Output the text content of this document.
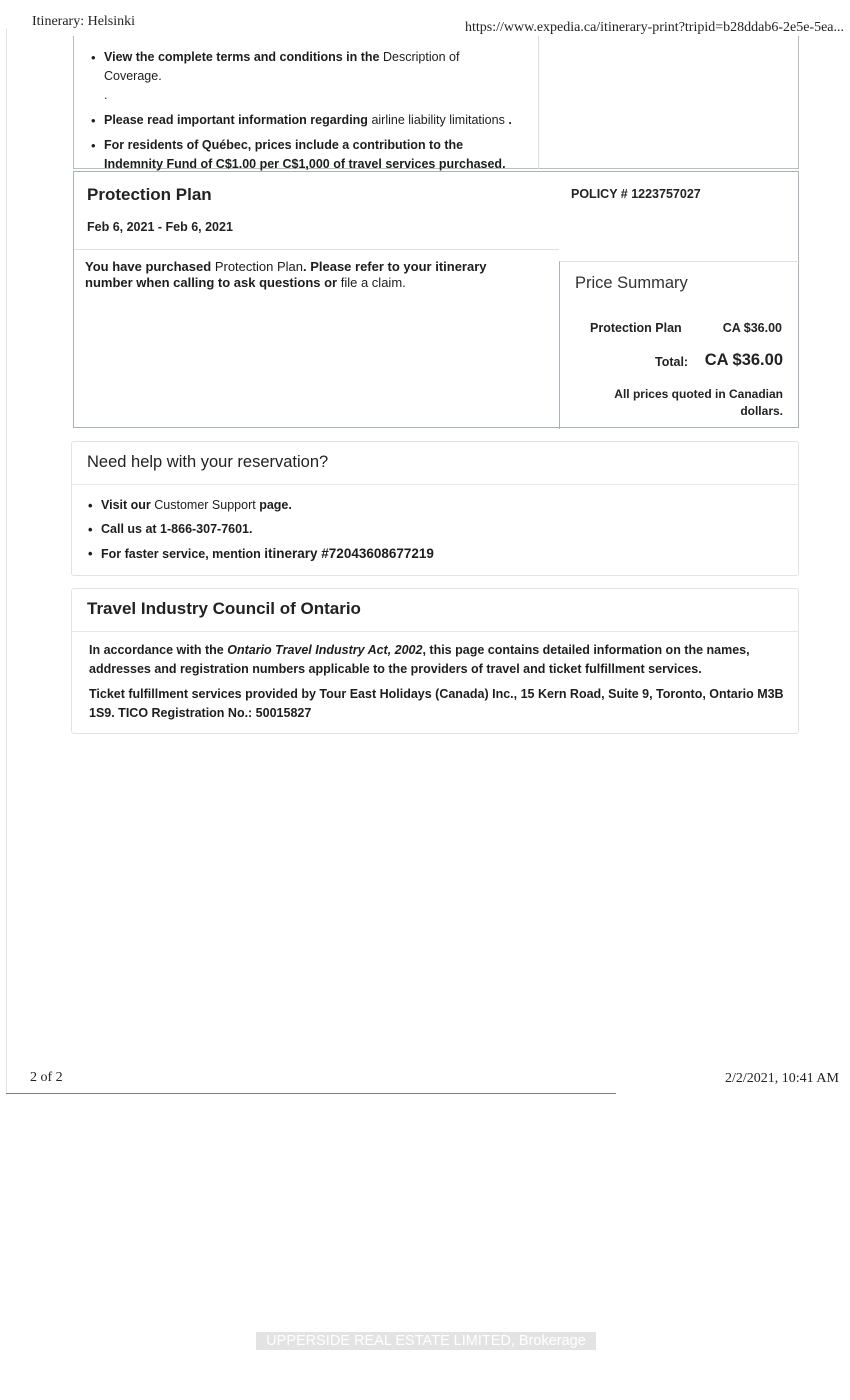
Itinerary: Helsinki	https://www.expedia.ca/itinerary-print?tripid=b28ddab6-2e5e-5ea...
• View the complete terms and conditions in the Description of Coverage.
.
• Please read important information regarding airline liability limitations .
• For residents of Québec, prices include a contribution to the
Indemnity Fund of C$1.00 per C$1,000 of travel services purchased.
Protection Plan	POLICY # 1223757027
Feb 6, 2021 - Feb 6, 2021
You have purchased Protection Plan. Please refer to your itinerary number when calling to ask questions or file a claim.	Price Summary
Protection Plan	CA $36.00
Total: CA $36.00
All prices quoted in Canadian dollars.
Need help with your reservation?
• Visit our Customer Support page.
• Call us at 1-866-307-7601.
• For faster service, mention itinerary #72043608677219
Travel Industry Council of Ontario
In accordance with the Ontario Travel Industry Act, 2002, this page contains detailed information on the names, addresses and registration numbers applicable to the providers of travel and ticket fulfillment services.
Ticket fulfillment services provided by Tour East Holidays (Canada) Inc., 15 Kern Road, Suite 9, Toronto, Ontario M3B 1S9. TICO Registration No.: 50015827
2 of 2	2/2/2021, 10:41 AM
UPPERSIDE REAL ESTATE LIMITED, Brokerage
